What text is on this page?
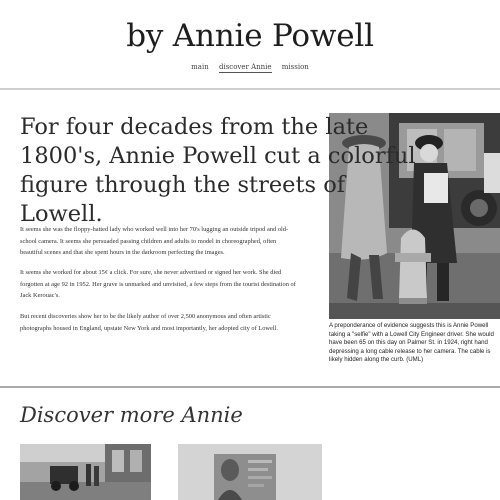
by Annie Powell
main discover Annie mission
For four decades from the late 1800's, Annie Powell cut a colorful figure through the streets of Lowell.

It seems she was the floppy-hatted lady who worked well into her 70's lugging an outside tripod and old-school camera. It seems she persuaded passing children and adults to model in choreographed, often beautiful scenes and that she spent hours in the darkroom perfecting the images.

It seems she worked for about 15¢ a click. For sure, she never advertised or signed her work. She died forgotten at age 92 in 1952. Her grave is unmarked and unvisited, a few steps from the tourist destination of Jack Kerouac's.

But recent discoveries show her to be the likely author of over 2,500 anonymous and often artistic photographs housed in England, upstate New York and most importantly, her adopted city of Lowell.	A preponderance of evidence suggests this is Annie Powell taking a "selfie" with a Lowell City Engineer driver. She would have been 65 on this day on Palmer St. in 1924, right hand depressing a long cable release to her camera. The cable is likely hidden along the curb. (UML)

Discover more Annie
